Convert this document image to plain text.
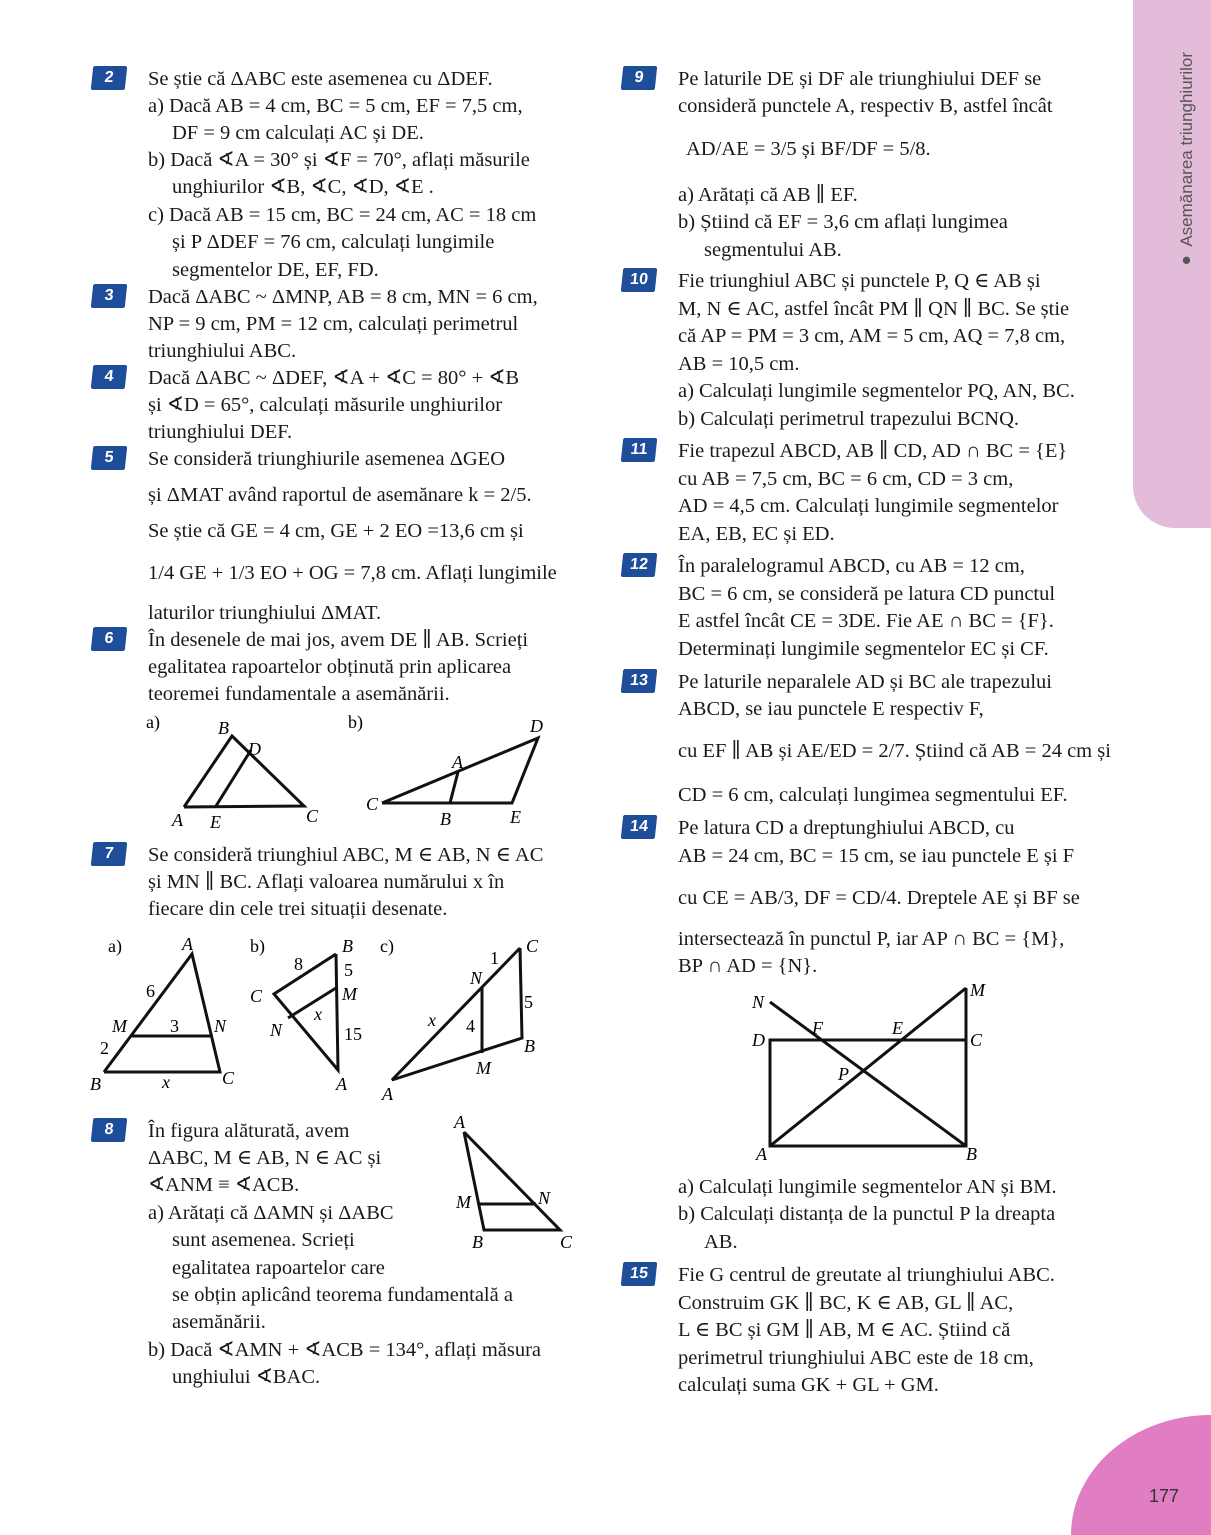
● Asemănarea triunghiurilor
177
2	Se știe că ΔABC este asemenea cu ΔDEF.
a) Dacă AB = 4 cm, BC = 5 cm, EF = 7,5 cm,
DF = 9 cm calculați AC și DE.
b) Dacă ∢A = 30° și ∢F = 70°, aflați măsurile
unghiurilor ∢B, ∢C, ∢D, ∢E .
c) Dacă AB = 15 cm, BC = 24 cm, AC = 18 cm
și P ΔDEF = 76 cm, calculați lungimile
segmentelor DE, EF, FD.
3	Dacă ΔABC ~ ΔMNP, AB = 8 cm, MN = 6 cm,
NP = 9 cm, PM = 12 cm, calculați perimetrul
triunghiului ABC.
4	Dacă ΔABC ~ ΔDEF, ∢A + ∢C = 80° + ∢B
și ∢D = 65°, calculați măsurile unghiurilor
triunghiului DEF.
5	Se consideră triunghiurile asemenea ΔGEO
și ΔMAT având raportul de asemănare k = 2/5.
Se știe că GE = 4 cm, GE + 2 EO =13,6 cm și
1/4 GE + 1/3 EO + OG = 7,8 cm. Aflați lungimile
laturilor triunghiului ΔMAT.
6	În desenele de mai jos, avem DE ∥ AB. Scrieți
egalitatea rapoartelor obținută prin aplicarea
teoremei fundamentale a asemănării.
a)	B
D
A E	C
b)	D
A
C
B	E
7	Se consideră triunghiul ABC, M ∈ AB, N ∈ AC
și MN ∥ BC. Aflați valoarea numărului x în
fiecare din cele trei situații desenate.
a)	A
6
M 3 N
2
B	x	C
b)	B
8 5
C	M
x
N	15
A
c)	C
1
N
5
x 4
B
M
A
8	În figura alăturată, avem
ΔABC, M ∈ AB, N ∈ AC și
∢ANM ≡ ∢ACB.
a) Arătați că ΔAMN și ΔABC
sunt asemenea. Scrieți
egalitatea rapoartelor care
se obțin aplicând teorema fundamentală a
asemănării.
b) Dacă ∢AMN + ∢ACB = 134°, aflați măsura
unghiului ∢BAC.
A
M	N
B	C
9	Pe laturile DE și DF ale triunghiului DEF se
consideră punctele A, respectiv B, astfel încât
AD/AE = 3/5 și BF/DF = 5/8.
a) Arătați că AB ∥ EF.
b) Știind că EF = 3,6 cm aflați lungimea
segmentului AB.
10	Fie triunghiul ABC și punctele P, Q ∈ AB și
M, N ∈ AC, astfel încât PM ∥ QN ∥ BC. Se știe
că AP = PM = 3 cm, AM = 5 cm, AQ = 7,8 cm,
AB = 10,5 cm.
a) Calculați lungimile segmentelor PQ, AN, BC.
b) Calculați perimetrul trapezului BCNQ.
11	Fie trapezul ABCD, AB ∥ CD, AD ∩ BC = {E}
cu AB = 7,5 cm, BC = 6 cm, CD = 3 cm,
AD = 4,5 cm. Calculați lungimile segmentelor
EA, EB, EC și ED.
12	În paralelogramul ABCD, cu AB = 12 cm,
BC = 6 cm, se consideră pe latura CD punctul
E astfel încât CE = 3DE. Fie AE ∩ BC = {F}.
Determinați lungimile segmentelor EC și CF.
13	Pe laturile neparalele AD și BC ale trapezului
ABCD, se iau punctele E respectiv F,
cu EF ∥ AB și AE/ED = 2/7. Știind că AB = 24 cm și
CD = 6 cm, calculați lungimea segmentului EF.
14	Pe latura CD a dreptunghiului ABCD, cu
AB = 24 cm, BC = 15 cm, se iau punctele E și F
cu CE = AB/3, DF = CD/4. Dreptele AE și BF se
intersectează în punctul P, iar AP ∩ BC = {M},
BP ∩ AD = {N}.
a) Calculați lungimile segmentelor AN și BM.
b) Calculați distanța de la punctul P la dreapta
AB.
M
N
F	E
D	C
P
A	B
15	Fie G centrul de greutate al triunghiului ABC.
Construim GK ∥ BC, K ∈ AB, GL ∥ AC,
L ∈ BC și GM ∥ AB, M ∈ AC. Știind că
perimetrul triunghiului ABC este de 18 cm,
calculați suma GK + GL + GM.
